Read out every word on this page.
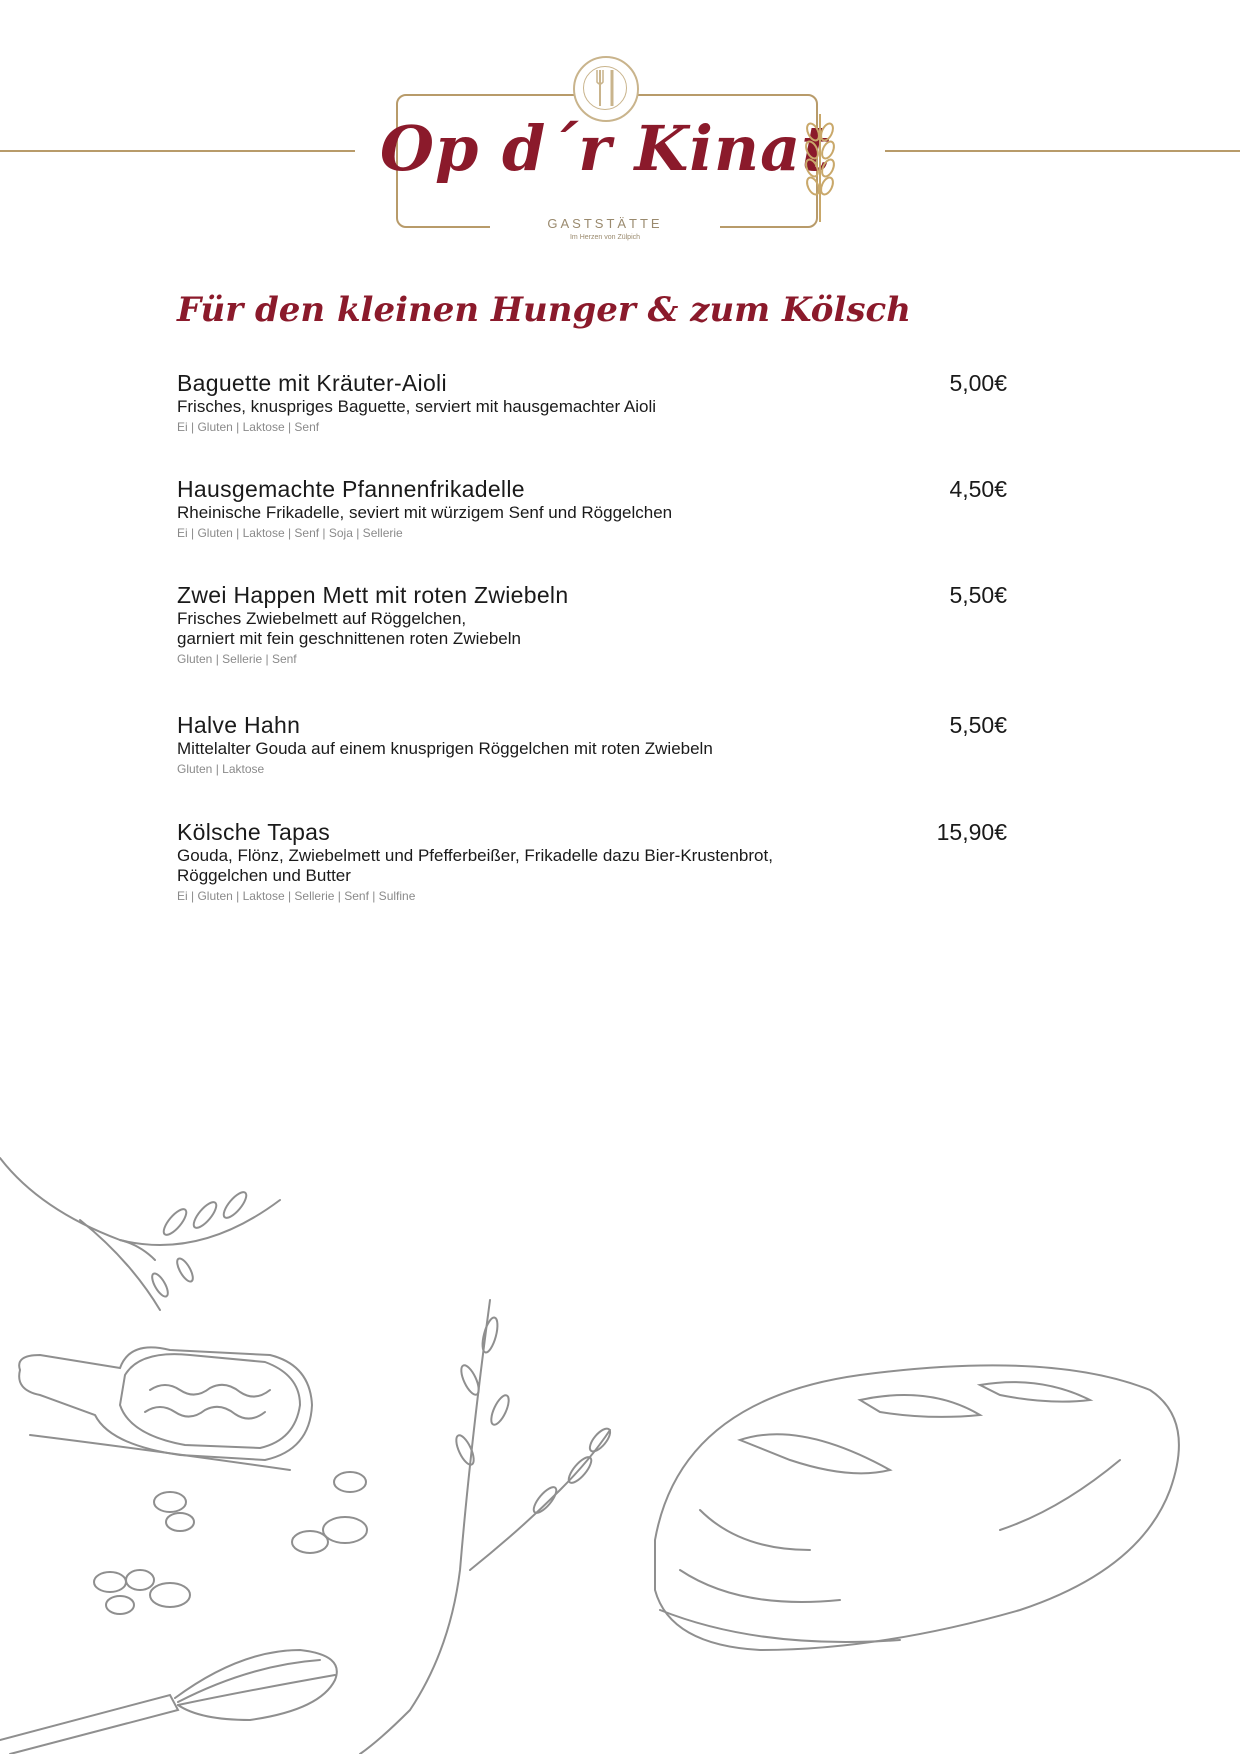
Op d´r Kinat
GASTSTÄTTE
Im Herzen von Zülpich
Für den kleinen Hunger & zum Kölsch
Baguette mit Kräuter-Aioli	5,00€
Frisches, knuspriges Baguette, serviert mit hausgemachter Aioli
Ei | Gluten | Laktose | Senf
Hausgemachte Pfannenfrikadelle	4,50€
Rheinische Frikadelle, seviert mit würzigem Senf und Röggelchen
Ei | Gluten | Laktose | Senf | Soja | Sellerie
Zwei Happen Mett mit roten Zwiebeln	5,50€
Frisches Zwiebelmett auf Röggelchen,
garniert mit fein geschnittenen roten Zwiebeln
Gluten | Sellerie | Senf
Halve Hahn	5,50€
Mittelalter Gouda auf einem knusprigen Röggelchen mit roten Zwiebeln
Gluten | Laktose
Kölsche Tapas	15,90€
Gouda, Flönz, Zwiebelmett und Pfefferbeißer, Frikadelle dazu Bier-Krustenbrot,
Röggelchen und Butter
Ei | Gluten | Laktose | Sellerie | Senf | Sulfine
